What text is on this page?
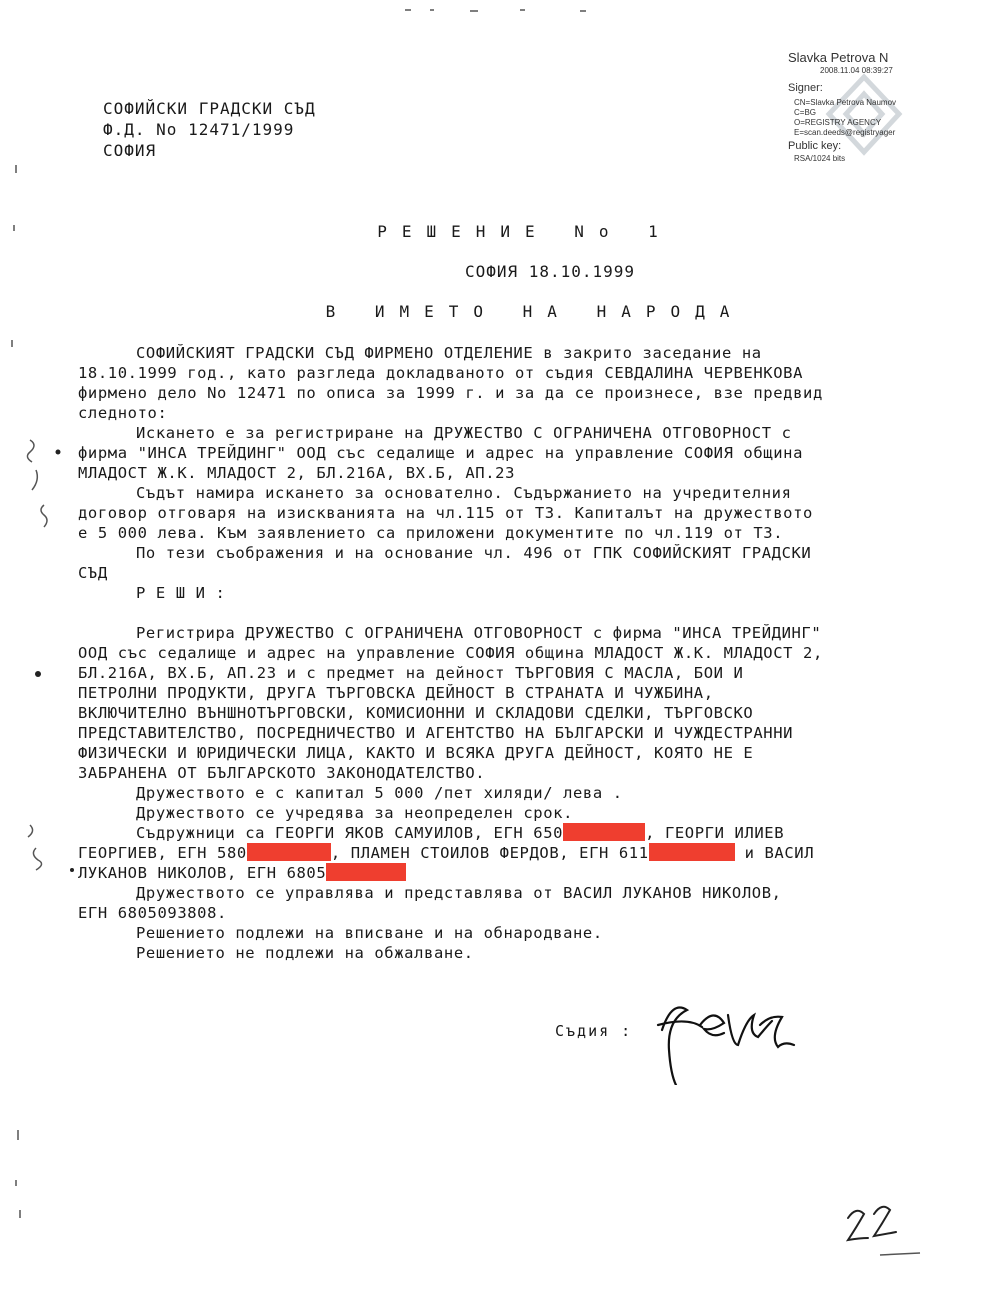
СОФИЙСКИ ГРАДСКИ СЪД
Ф.Д. No 12471/1999
СОФИЯ
Slavka Petrova N
2008.11.04 08:39:27
Signer:
CN=Slavka Petrova Naumov
C=BG
O=REGISTRY AGENCY
E=scan.deeds@registryager
Public key:
RSA/1024 bits
РЕШЕНИЕ No 1
СОФИЯ 18.10.1999
В ИМЕТО НА НАРОДА
СОФИЙСКИЯТ ГРАДСКИ СЪД ФИРМЕНО ОТДЕЛЕНИЕ в закрито заседание на
18.10.1999 год., като разгледа докладваното от съдия СЕВДАЛИНА ЧЕРВЕНКОВА
фирмено дело No 12471 по описа за 1999 г. и за да се произнесе, взе предвид
следното:
Искането е за регистриране на ДРУЖЕСТВО С ОГРАНИЧЕНА ОТГОВОРНОСТ с
фирма "ИНСА ТРЕЙДИНГ" ООД със седалище и адрес на управление СОФИЯ община
МЛАДОСТ Ж.К. МЛАДОСТ 2, БЛ.216А, ВХ.Б, АП.23
Съдът намира искането за основателно. Съдържанието на учредителния
договор отговаря на изискванията на чл.115 от ТЗ. Капиталът на дружеството
е 5 000 лева. Към заявлението са приложени документите по чл.119 от ТЗ.
По тези съображения и на основание чл. 496 от ГПК СОФИЙСКИЯТ ГРАДСКИ
СЪД
Р Е Ш И :
Регистрира ДРУЖЕСТВО С ОГРАНИЧЕНА ОТГОВОРНОСТ с фирма "ИНСА ТРЕЙДИНГ"
ООД със седалище и адрес на управление СОФИЯ община МЛАДОСТ Ж.К. МЛАДОСТ 2,
БЛ.216А, ВХ.Б, АП.23 и с предмет на дейност ТЪРГОВИЯ С МАСЛА, БОИ И
ПЕТРОЛНИ ПРОДУКТИ, ДРУГА ТЪРГОВСКА ДЕЙНОСТ В СТРАНАТА И ЧУЖБИНА,
ВКЛЮЧИТЕЛНО ВЪНШНОТЪРГОВСКИ, КОМИСИОННИ И СКЛАДОВИ СДЕЛКИ, ТЪРГОВСКО
ПРЕДСТАВИТЕЛСТВО, ПОСРЕДНИЧЕСТВО И АГЕНТСТВО НА БЪЛГАРСКИ И ЧУЖДЕСТРАННИ
ФИЗИЧЕСКИ И ЮРИДИЧЕСКИ ЛИЦА, КАКТО И ВСЯКА ДРУГА ДЕЙНОСТ, КОЯТО НЕ Е
ЗАБРАНЕНА ОТ БЪЛГАРСКОТО ЗАКОНОДАТЕЛСТВО.
Дружеството е с капитал 5 000 /пет хиляди/ лева .
Дружеството се учредява за неопределен срок.
Съдружници са ГЕОРГИ ЯКОВ САМУИЛОВ, ЕГН 650	, ГЕОРГИ ИЛИЕВ
ГЕОРГИЕВ, ЕГН 580	, ПЛАМЕН СТОИЛОВ ФЕРДОВ, ЕГН 611	и ВАСИЛ
ЛУКАНОВ НИКОЛОВ, ЕГН 6805
Дружеството се управлява и представлява от ВАСИЛ ЛУКАНОВ НИКОЛОВ,
ЕГН 6805093808.
Решението подлежи на вписване и на обнародване.
Решението не подлежи на обжалване.
Съдия :
